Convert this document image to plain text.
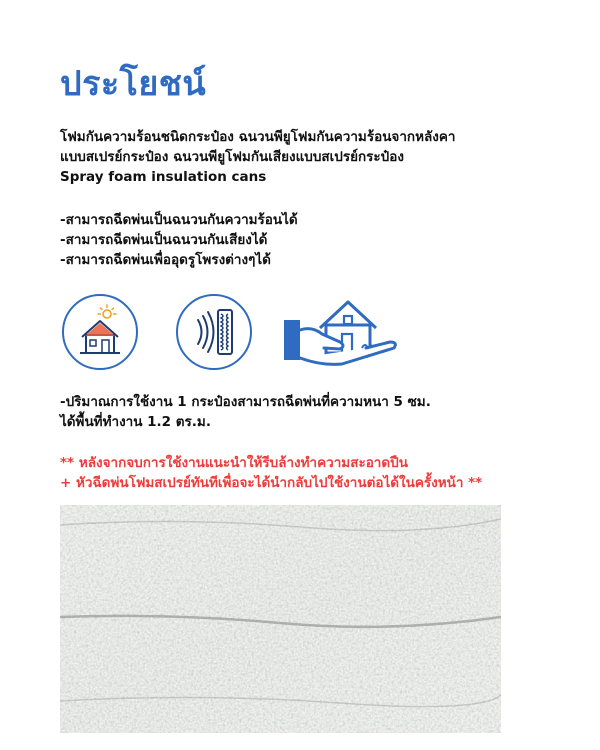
ประโยชน์
โฟมกันความร้อนชนิดกระป๋อง ฉนวนพียูโฟมกันความร้อนจากหลังคา
แบบสเปรย์กระป๋อง ฉนวนพียูโฟมกันเสียงแบบสเปรย์กระป๋อง
Spray foam insulation cans
-สามารถฉีดพ่นเป็นฉนวนกันความร้อนได้
-สามารถฉีดพ่นเป็นฉนวนกันเสียงได้
-สามารถฉีดพ่นเพื่ออุดรูโพรงต่างๆได้
-ปริมาณการใช้งาน 1 กระป๋องสามารถฉีดพ่นที่ความหนา 5 ซม.
ได้พื้นที่ทำงาน 1.2 ตร.ม.
** หลังจากจบการใช้งานแนะนำให้รีบล้างทำความสะอาดปืน
+ หัวฉีดพ่นโฟมสเปรย์ทันทีเพื่อจะได้นำกลับไปใช้งานต่อได้ในครั้งหน้า **
